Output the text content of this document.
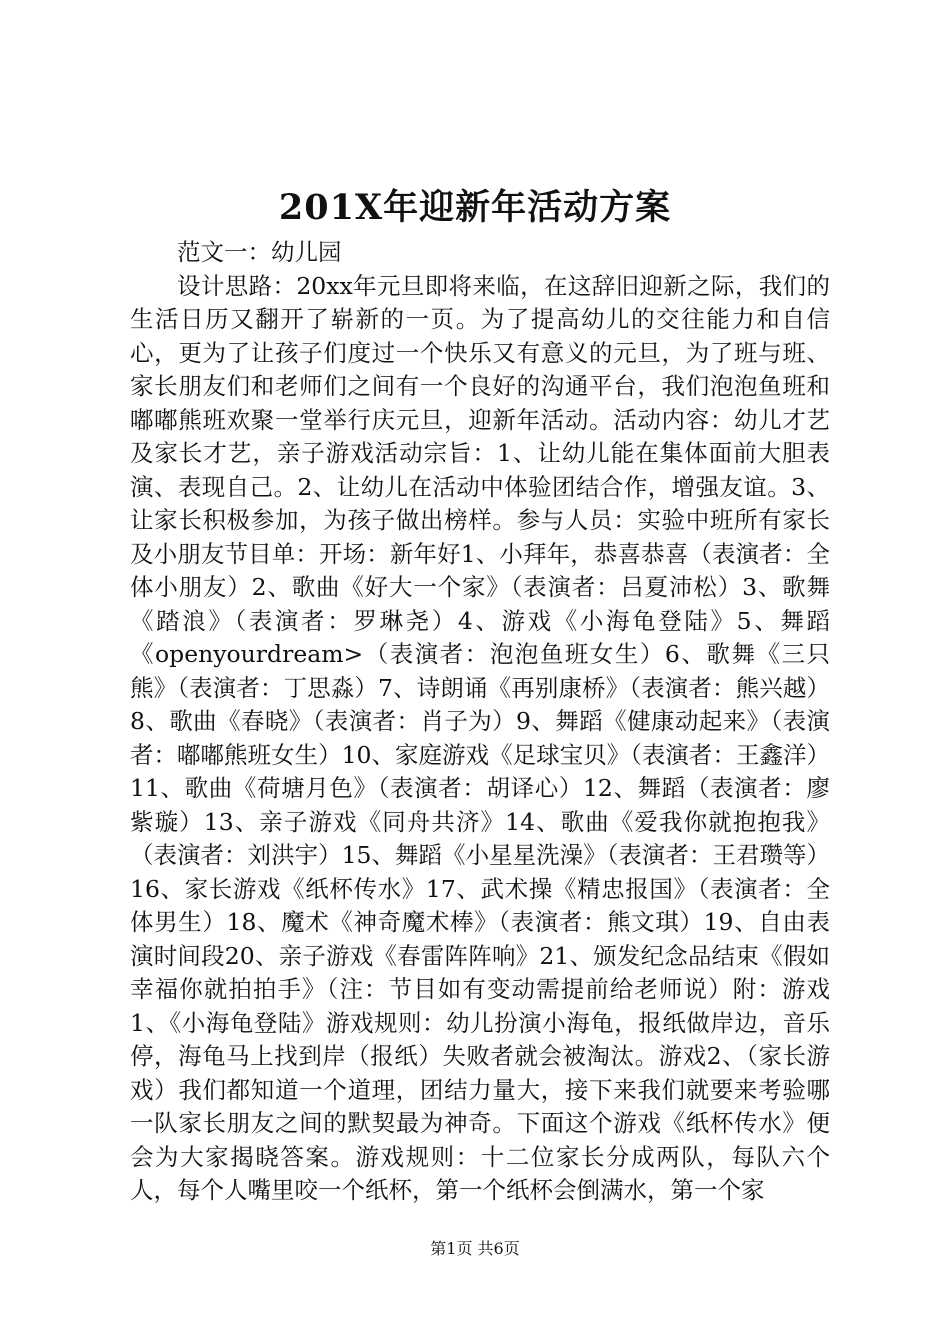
201X年迎新年活动方案

范文一：幼儿园

设计思路：20xx年元旦即将来临，在这辞旧迎新之际，我们的生活日历又翻开了崭新的一页。为了提高幼儿的交往能力和自信心，更为了让孩子们度过一个快乐又有意义的元旦，为了班与班、家长朋友们和老师们之间有一个良好的沟通平台，我们泡泡鱼班和嘟嘟熊班欢聚一堂举行庆元旦，迎新年活动。活动内容：幼儿才艺及家长才艺，亲子游戏活动宗旨：1、让幼儿能在集体面前大胆表演、表现自己。2、让幼儿在活动中体验团结合作，增强友谊。3、让家长积极参加，为孩子做出榜样。参与人员：实验中班所有家长及小朋友节目单：开场：新年好1、小拜年，恭喜恭喜（表演者：全体小朋友）2、歌曲《好大一个家》（表演者：吕夏沛松）3、歌舞《踏浪》（表演者：罗琳尧）4、游戏《小海龟登陆》5、舞蹈《openyourdream>（表演者：泡泡鱼班女生）6、歌舞《三只熊》（表演者：丁思淼）7、诗朗诵《再别康桥》（表演者：熊兴越）8、歌曲《春晓》（表演者：肖子为）9、舞蹈《健康动起来》（表演者：嘟嘟熊班女生）10、家庭游戏《足球宝贝》（表演者：王鑫洋）11、歌曲《荷塘月色》（表演者：胡译心）12、舞蹈（表演者：廖紫璇）13、亲子游戏《同舟共济》14、歌曲《爱我你就抱抱我》（表演者：刘洪宇）15、舞蹈《小星星洗澡》（表演者：王君瓒等）16、家长游戏《纸杯传水》17、武术操《精忠报国》（表演者：全体男生）18、魔术《神奇魔术棒》（表演者：熊文琪）19、自由表演时间段20、亲子游戏《春雷阵阵响》21、颁发纪念品结束《假如幸福你就拍拍手》（注：节目如有变动需提前给老师说）附：游戏1、《小海龟登陆》游戏规则：幼儿扮演小海龟，报纸做岸边，音乐停，海龟马上找到岸（报纸）失败者就会被淘汰。游戏2、（家长游戏）我们都知道一个道理，团结力量大，接下来我们就要来考验哪一队家长朋友之间的默契最为神奇。下面这个游戏《纸杯传水》便会为大家揭晓答案。游戏规则：十二位家长分成两队，每队六个人，每个人嘴里咬一个纸杯，第一个纸杯会倒满水，第一个家

第1页 共6页
